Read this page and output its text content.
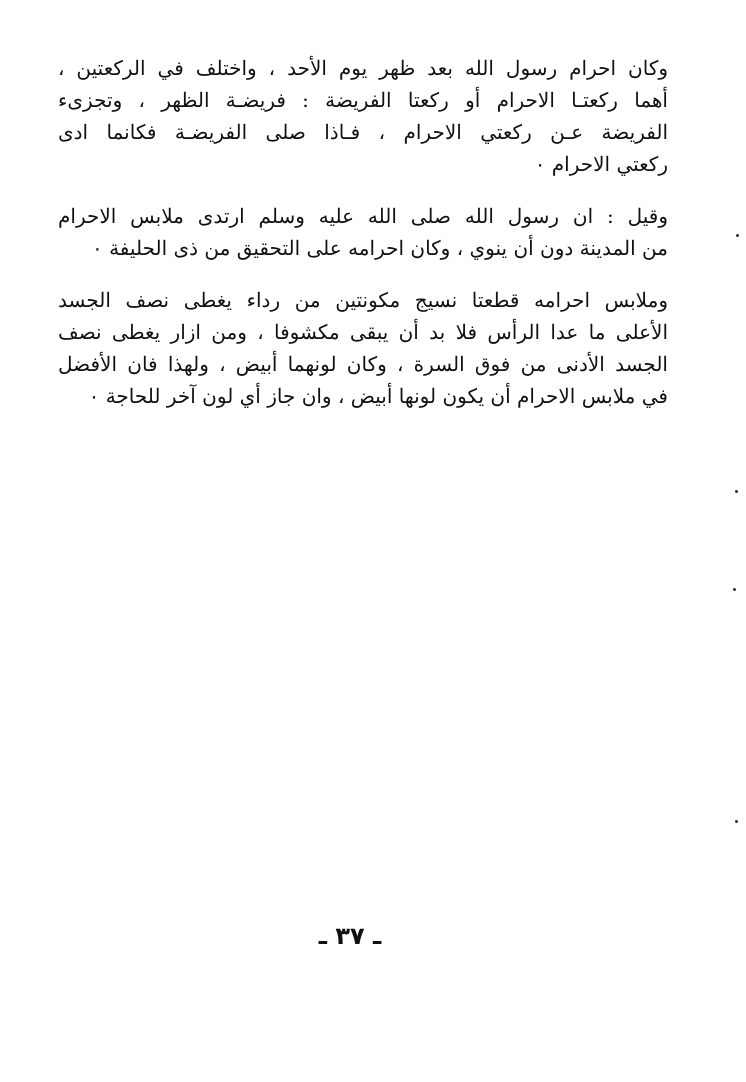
وكان احرام رسول الله بعد ظهر يوم الأحد ، واختلف في الركعتين ،
أهما ركعتـا الاحرام أو ركعتا الفريضة : فريضـة الظهر ، وتجزىء
الفريضة عـن ركعتي الاحرام ، فـاذا صلى الفريضـة فكانما ادى
ركعتي الاحرام ٠
وقيل : ان رسول الله صلى الله عليه وسلم ارتدى ملابس الاحرام
من المدينة دون أن ينوي ، وكان احرامه على التحقيق من ذى الحليفة ٠
وملابس احرامه قطعتا نسيج مكونتين من رداء يغطى نصف الجسد
الأعلى ما عدا الرأس فلا بد أن يبقى مكشوفا ، ومن ازار يغطى نصف
الجسد الأدنى من فوق السرة ، وكان لونهما أبيض ، ولهذا فان الأفضل
في ملابس الاحرام أن يكون لونها أبيض ، وان جاز أي لون آخر للحاجة ٠
ـ ٣٧ ـ
